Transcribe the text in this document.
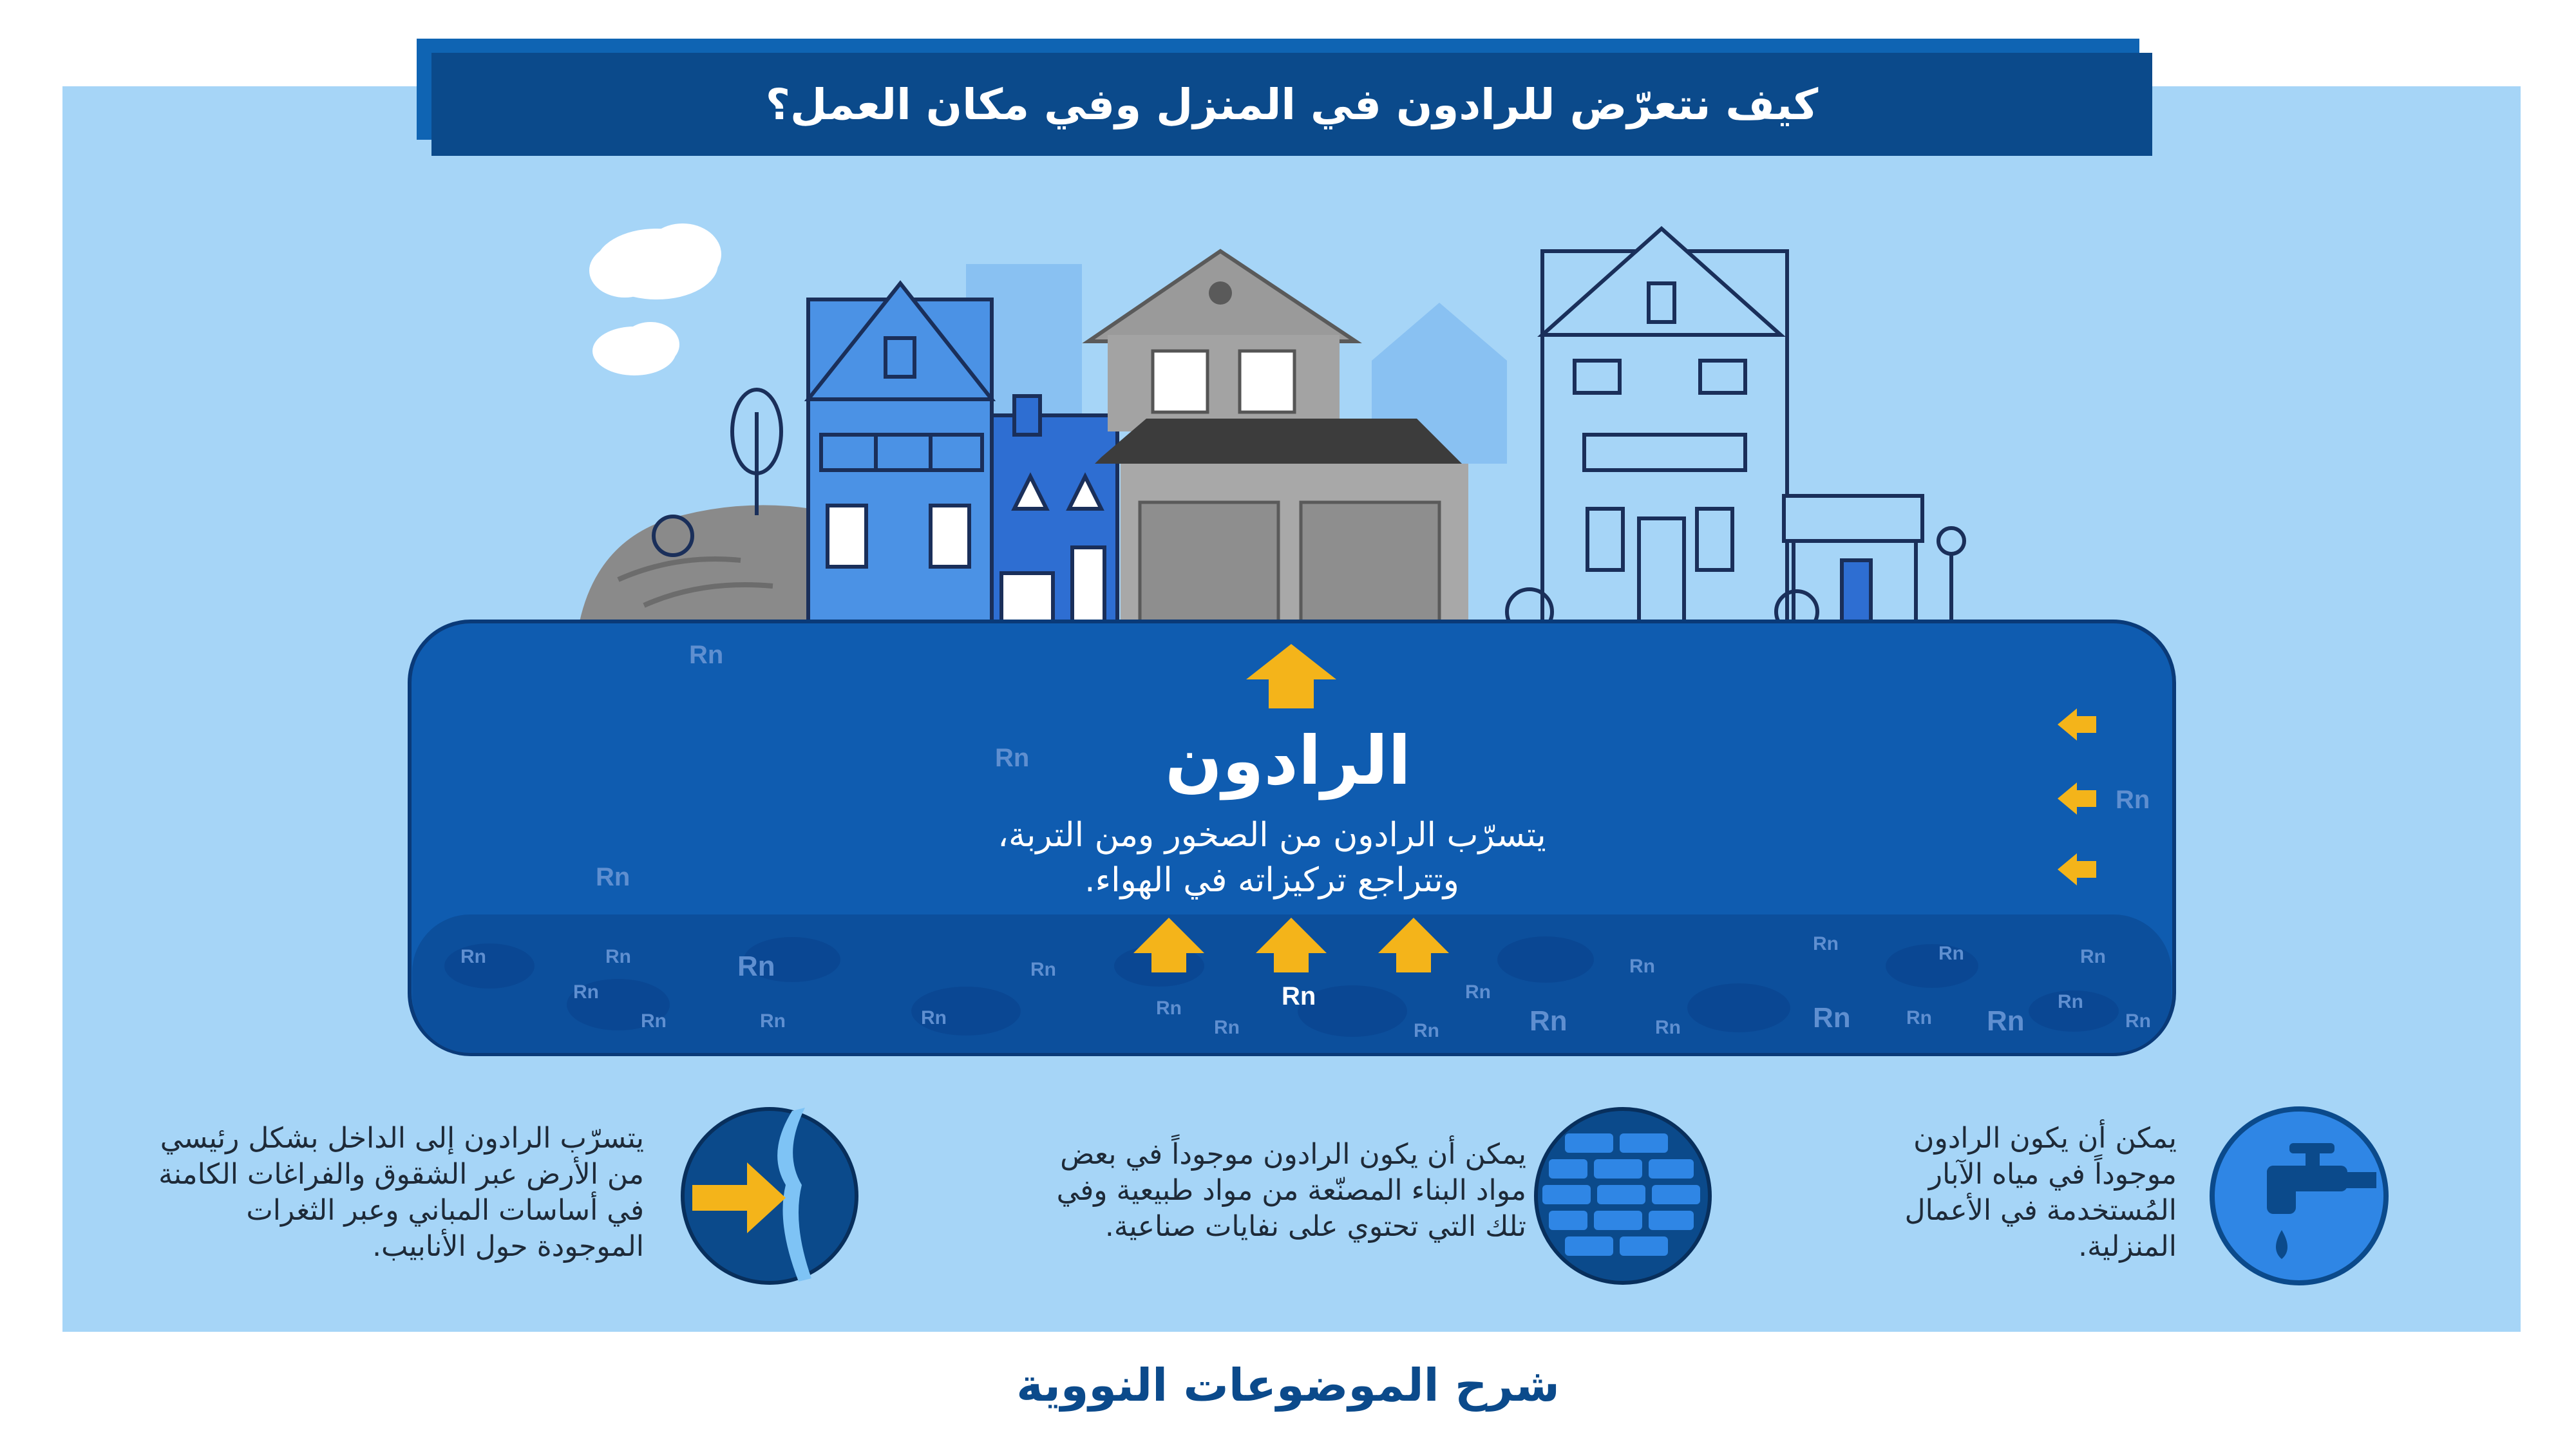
كيف نتعرّض للرادون في المنزل وفي مكان العمل؟
Rn
Rn
Rn
Rn
Rn
Rn	Rn
Rn
Rn	Rn	Rn
Rn
Rn
Rn	Rn
Rn
Rn
Rn
Rn
Rn
Rn	Rn
Rn
Rn
Rn
Rn
Rn
Rn
الرادون
يتسرّب الرادون من الصخور ومن التربة،
وتتراجع تركيزاته في الهواء.
يتسرّب الرادون إلى الداخل بشكل رئيسي
من الأرض عبر الشقوق والفراغات الكامنة
في أساسات المباني وعبر الثغرات
الموجودة حول الأنابيب.
يمكن أن يكون الرادون موجوداً في بعض
مواد البناء المصنّعة من مواد طبيعية وفي
تلك التي تحتوي على نفايات صناعية.
يمكن أن يكون الرادون
موجوداً في مياه الآبار
المُستخدمة في الأعمال
المنزلية.
شرح الموضوعات النووية
